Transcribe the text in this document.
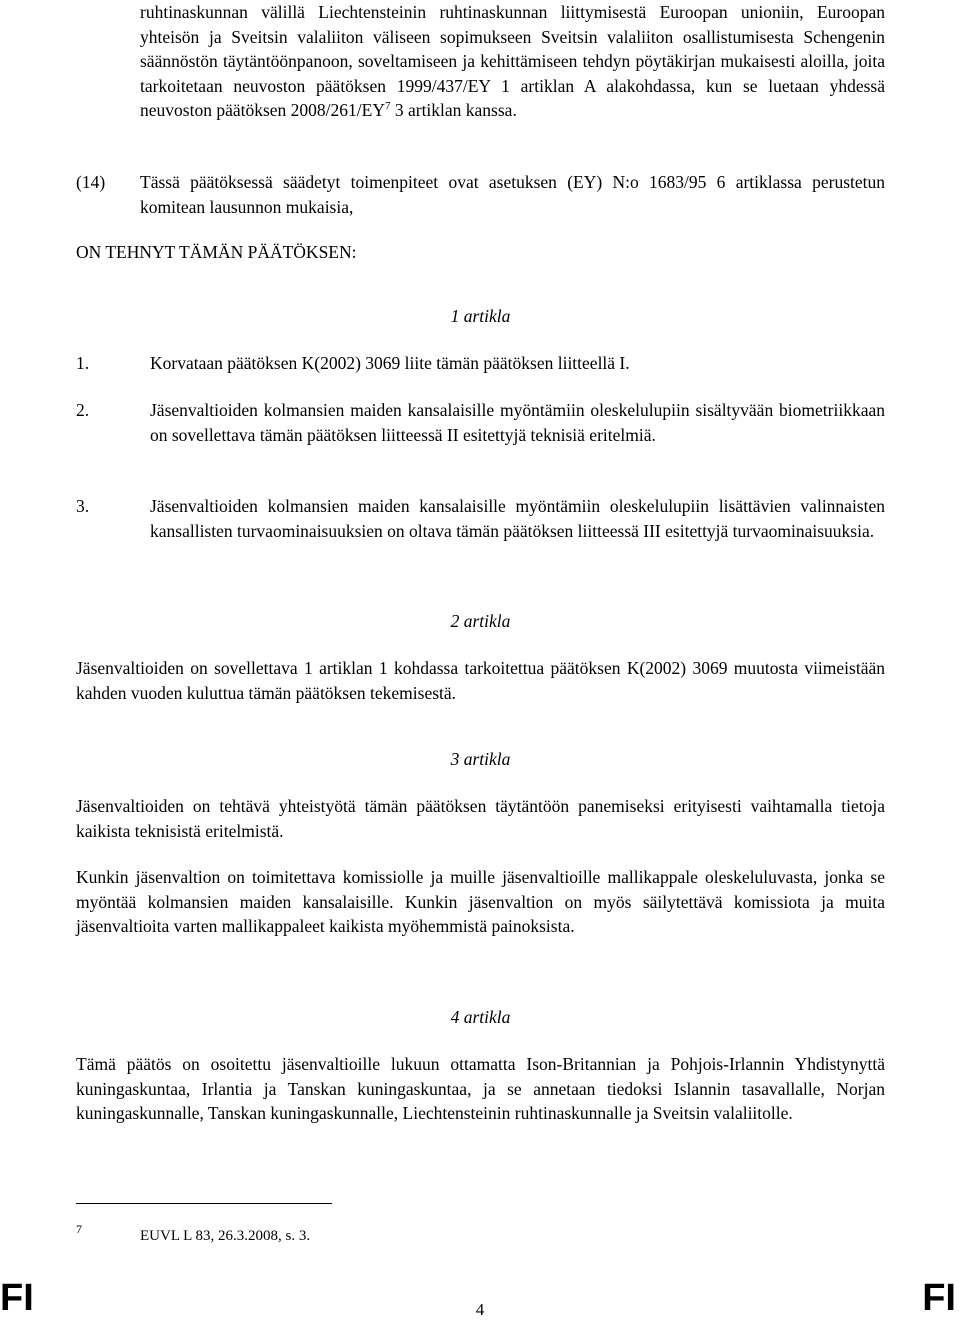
ruhtinaskunnan välillä Liechtensteinin ruhtinaskunnan liittymisestä Euroopan unioniin, Euroopan yhteisön ja Sveitsin valaliiton väliseen sopimukseen Sveitsin valaliiton osallistumisesta Schengenin säännöstön täytäntöönpanoon, soveltamiseen ja kehittämiseen tehdyn pöytäkirjan mukaisesti aloilla, joita tarkoitetaan neuvoston päätöksen 1999/437/EY 1 artiklan A alakohdassa, kun se luetaan yhdessä neuvoston päätöksen $2008/261/EY^7$ 3 artiklan kanssa.

(14) Tässä päätöksessä säädetyt toimenpiteet ovat asetuksen (EY) N:o 1683/95 6 artiklassa perustetun komitean lausunnon mukaisia,

ON TEHNYT TÄMÄN PÄÄTÖKSEN:

1 artikla

1.	Korvataan päätöksen K(2002) 3069 liite tämän päätöksen liitteellä I.

2.	Jäsenvaltioiden kolmansien maiden kansalaisille myöntämiin oleskelulupiin sisältyvään biometriikkaan on sovellettava tämän päätöksen liitteessä II esitettyjä teknisiä eritelmiä.

3.	Jäsenvaltioiden kolmansien maiden kansalaisille myöntämiin oleskelulupiin lisättävien valinnaisten kansallisten turvaominaisuuksien on oltava tämän päätöksen liitteessä III esitettyjä turvaominaisuuksia.

2 artikla

Jäsenvaltioiden on sovellettava 1 artiklan 1 kohdassa tarkoitettua päätöksen K(2002) 3069 muutosta viimeistään kahden vuoden kuluttua tämän päätöksen tekemisestä.

3 artikla

Jäsenvaltioiden on tehtävä yhteistyötä tämän päätöksen täytäntöön panemiseksi erityisesti vaihtamalla tietoja kaikista teknisistä eritelmistä.

Kunkin jäsenvaltion on toimitettava komissiolle ja muille jäsenvaltioille mallikappale oleskeluluvasta, jonka se myöntää kolmansien maiden kansalaisille. Kunkin jäsenvaltion on myös säilytettävä komissiota ja muita jäsenvaltioita varten mallikappaleet kaikista myöhemmistä painoksista.

4 artikla

Tämä päätös on osoitettu jäsenvaltioille lukuun ottamatta Ison-Britannian ja Pohjois-Irlannin Yhdistynyttä kuningaskuntaa, Irlantia ja Tanskan kuningaskuntaa, ja se annetaan tiedoksi Islannin tasavallalle, Norjan kuningaskunnalle, Tanskan kuningaskunnalle, Liechtensteinin ruhtinaskunnalle ja Sveitsin valaliitolle.

7	EUVL L 83, 26.3.2008, s. 3.
FI	4	FI
